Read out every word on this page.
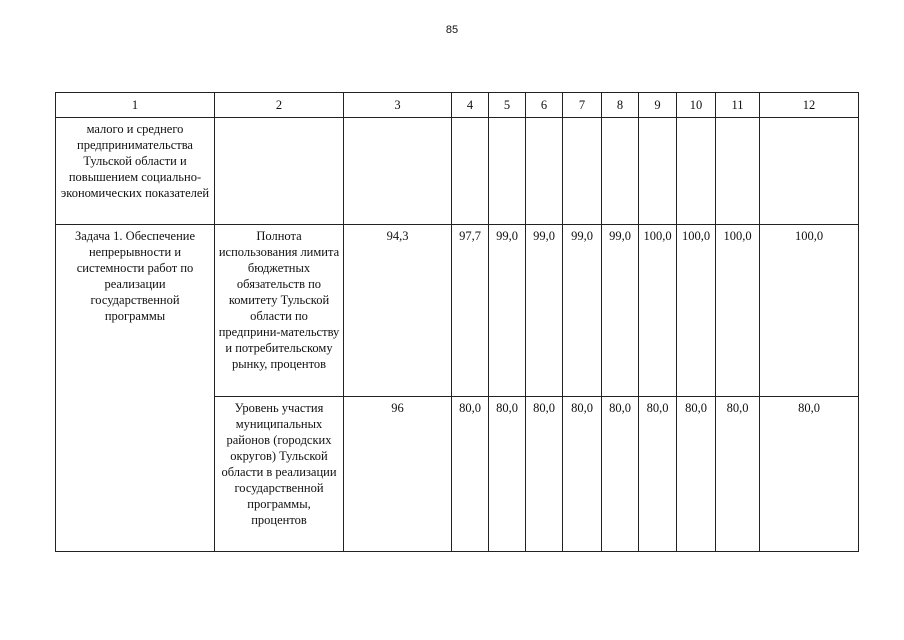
85
1	2	3	4	5	6	7	8	9	10	11	12
малого и среднего предпринимательства Тульской области и повышением социально-экономических показателей											
Задача 1. Обеспечение непрерывности и системности работ по реализации государственной программы	Полнота использования лимита бюджетных обязательств по комитету Тульской области по предприни-мательству и потребительскому рынку, процентов	94,3	97,7	99,0	99,0	99,0	99,0	100,0	100,0	100,0	100,0
	Уровень участия муниципальных районов (городских округов) Тульской области в реализации государственной программы, процентов	96	80,0	80,0	80,0	80,0	80,0	80,0	80,0	80,0	80,0
